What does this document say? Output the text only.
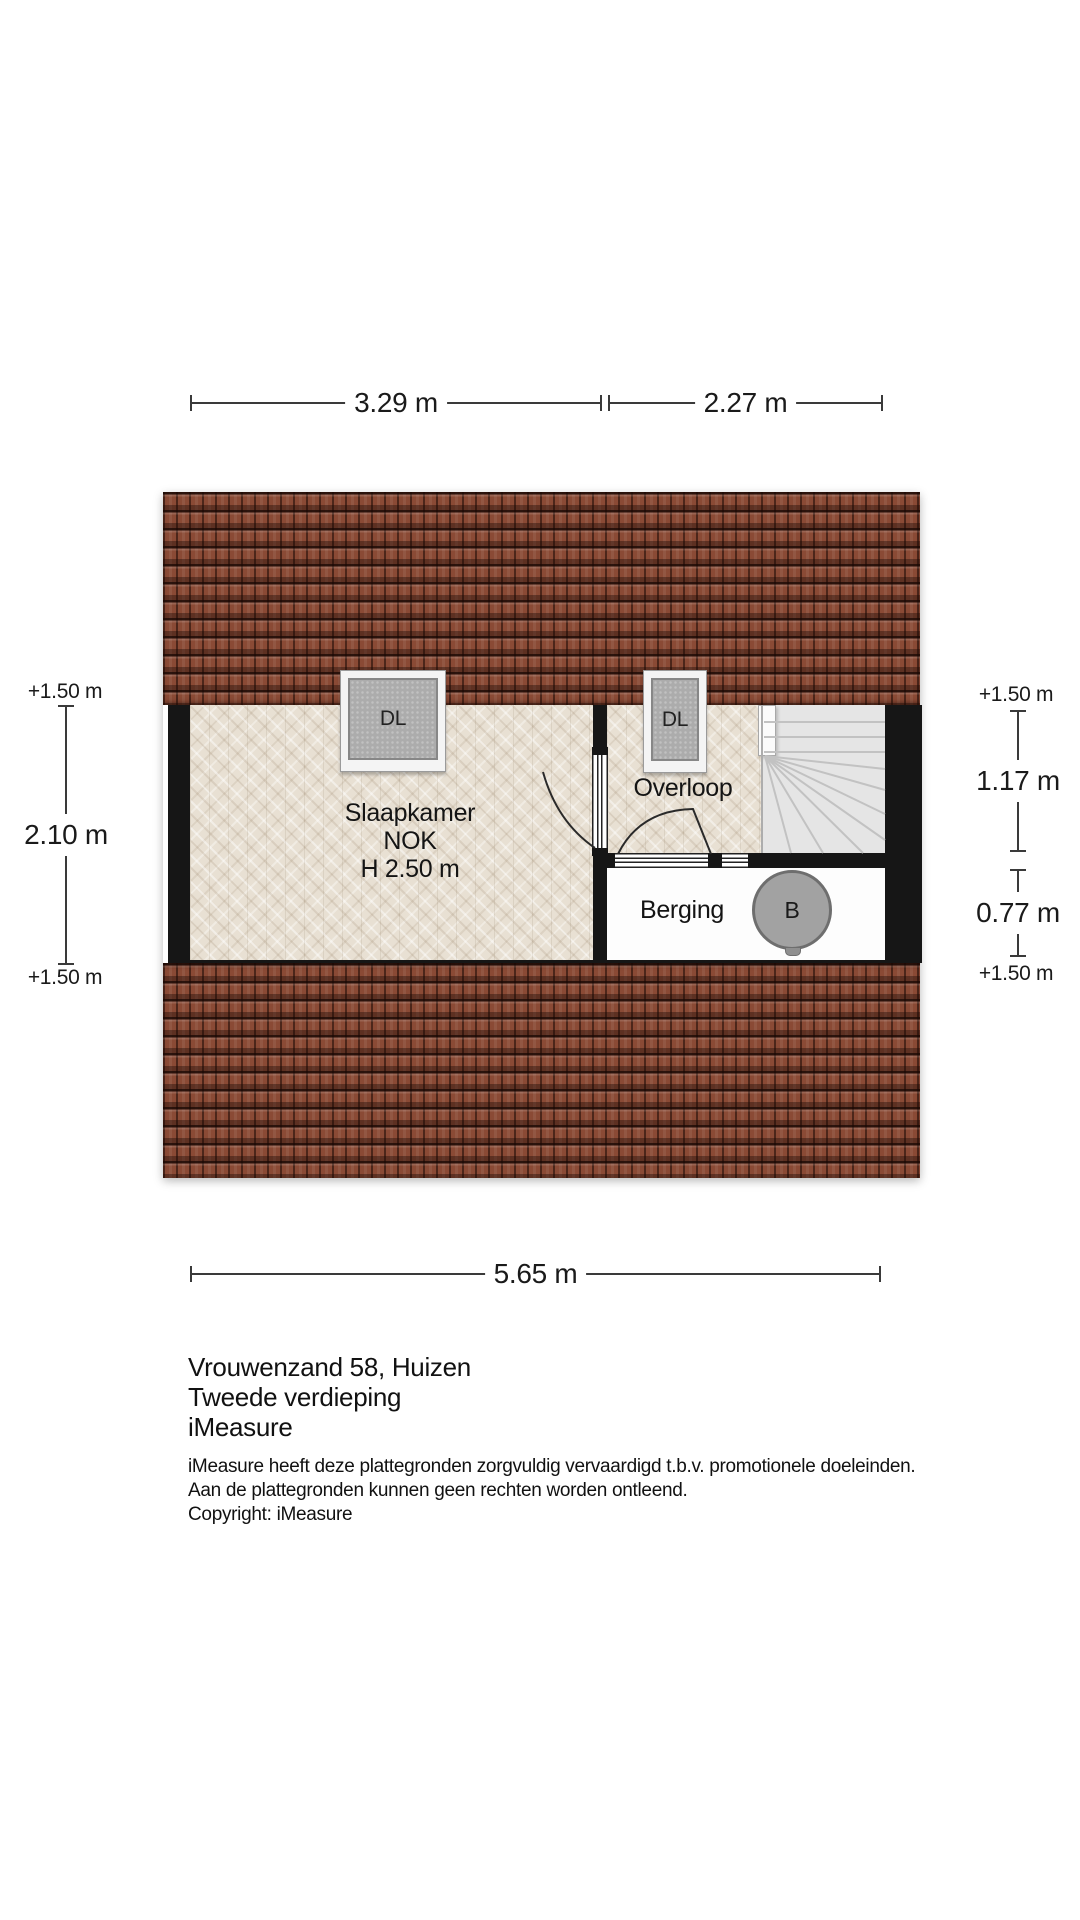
3.29 m	2.27 m
5.65 m
+1.50 m
2.10 m
+1.50 m
+1.50 m
1.17 m
0.77 m
+1.50 m
DL	DL
B
Slaapkamer
NOK
H 2.50 m
Overloop
Berging
Vrouwenzand 58, Huizen
Tweede verdieping
iMeasure
iMeasure heeft deze plattegronden zorgvuldig vervaardigd t.b.v. promotionele doeleinden.
Aan de plattegronden kunnen geen rechten worden ontleend.
Copyright: iMeasure
